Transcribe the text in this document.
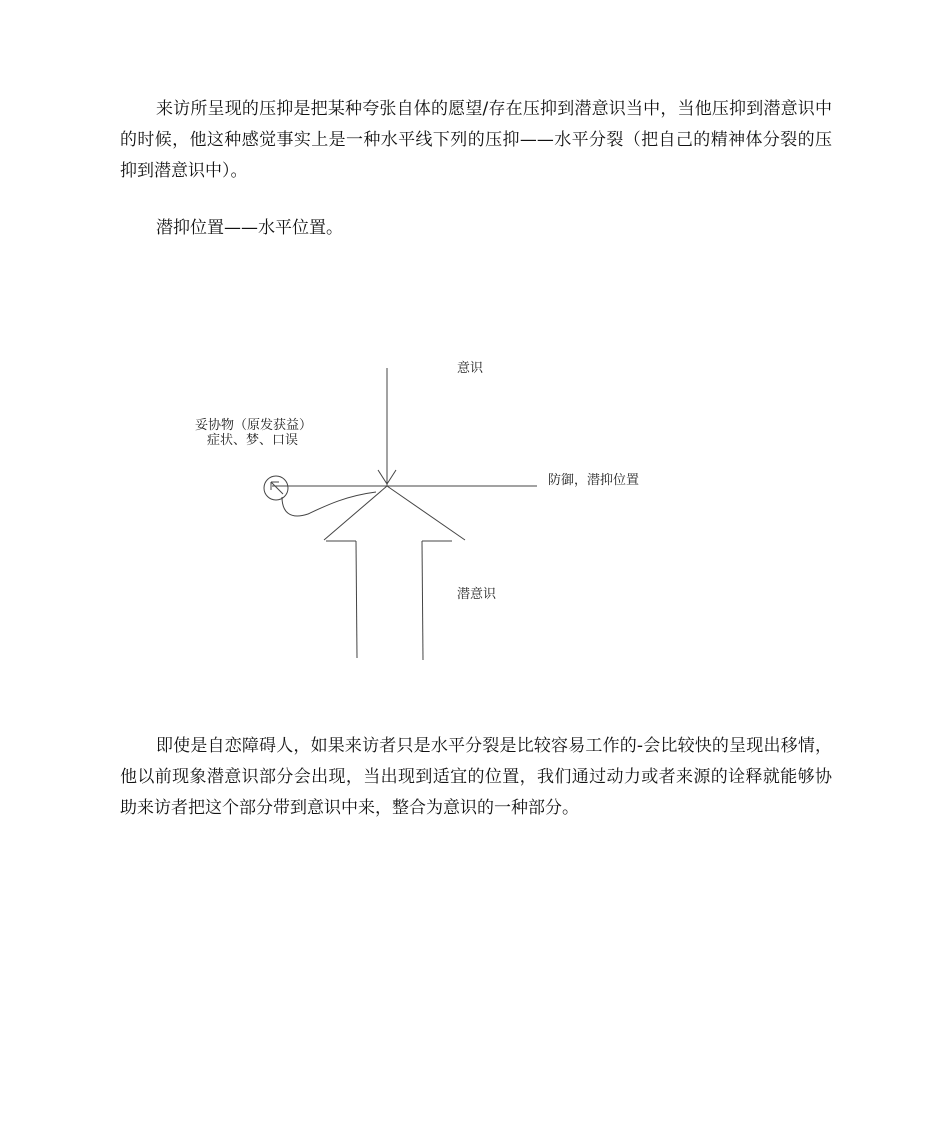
来访所呈现的压抑是把某种夸张自体的愿望/存在压抑到潜意识当中，当他压抑到潜意识中的时候，他这种感觉事实上是一种水平线下列的压抑——水平分裂（把自己的精神体分裂的压抑到潜意识中）。

潜抑位置——水平位置。

意识
妥协物（原发获益）
症状、梦、口误
防御，潜抑位置
潜意识

即使是自恋障碍人，如果来访者只是水平分裂是比较容易工作的-会比较快的呈现出移情，他以前现象潜意识部分会出现，当出现到适宜的位置，我们通过动力或者来源的诠释就能够协助来访者把这个部分带到意识中来，整合为意识的一种部分。
